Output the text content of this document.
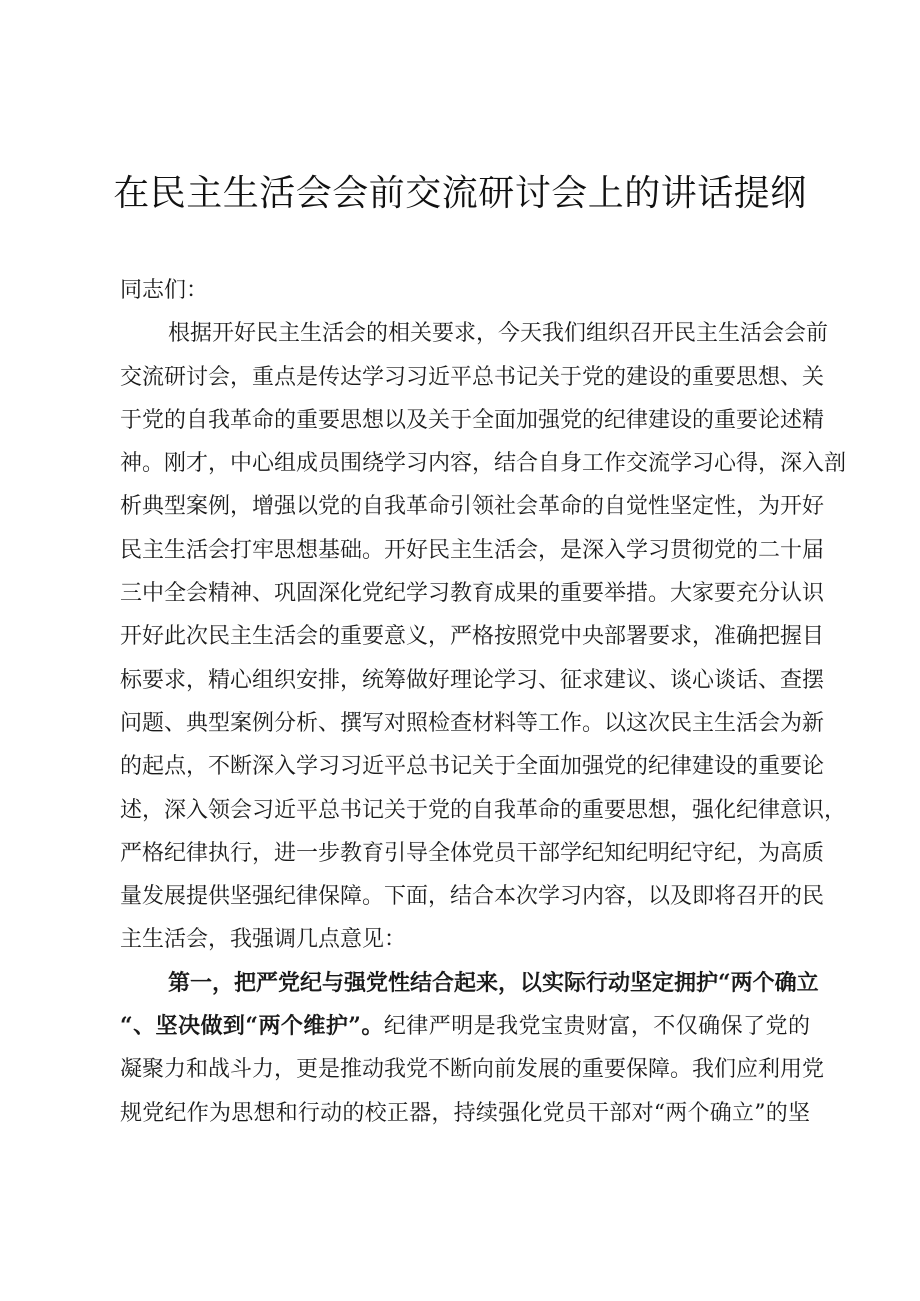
在民主生活会会前交流研讨会上的讲话提纲

同志们：

根据开好民主生活会的相关要求，今天我们组织召开民主生活会会前
交流研讨会，重点是传达学习习近平总书记关于党的建设的重要思想、关
于党的自我革命的重要思想以及关于全面加强党的纪律建设的重要论述精
神。刚才，中心组成员围绕学习内容，结合自身工作交流学习心得，深入剖
析典型案例，增强以党的自我革命引领社会革命的自觉性坚定性，为开好
民主生活会打牢思想基础。开好民主生活会，是深入学习贯彻党的二十届
三中全会精神、巩固深化党纪学习教育成果的重要举措。大家要充分认识
开好此次民主生活会的重要意义，严格按照党中央部署要求，准确把握目
标要求，精心组织安排，统筹做好理论学习、征求建议、谈心谈话、查摆
问题、典型案例分析、撰写对照检查材料等工作。以这次民主生活会为新
的起点，不断深入学习习近平总书记关于全面加强党的纪律建设的重要论
述，深入领会习近平总书记关于党的自我革命的重要思想，强化纪律意识，
严格纪律执行，进一步教育引导全体党员干部学纪知纪明纪守纪，为高质
量发展提供坚强纪律保障。下面，结合本次学习内容，以及即将召开的民
主生活会，我强调几点意见：
第一，把严党纪与强党性结合起来，以实际行动坚定拥护“两个确立
“、坚决做到“两个维护”。纪律严明是我党宝贵财富，不仅确保了党的
凝聚力和战斗力，更是推动我党不断向前发展的重要保障。我们应利用党
规党纪作为思想和行动的校正器，持续强化党员干部对“两个确立”的坚
